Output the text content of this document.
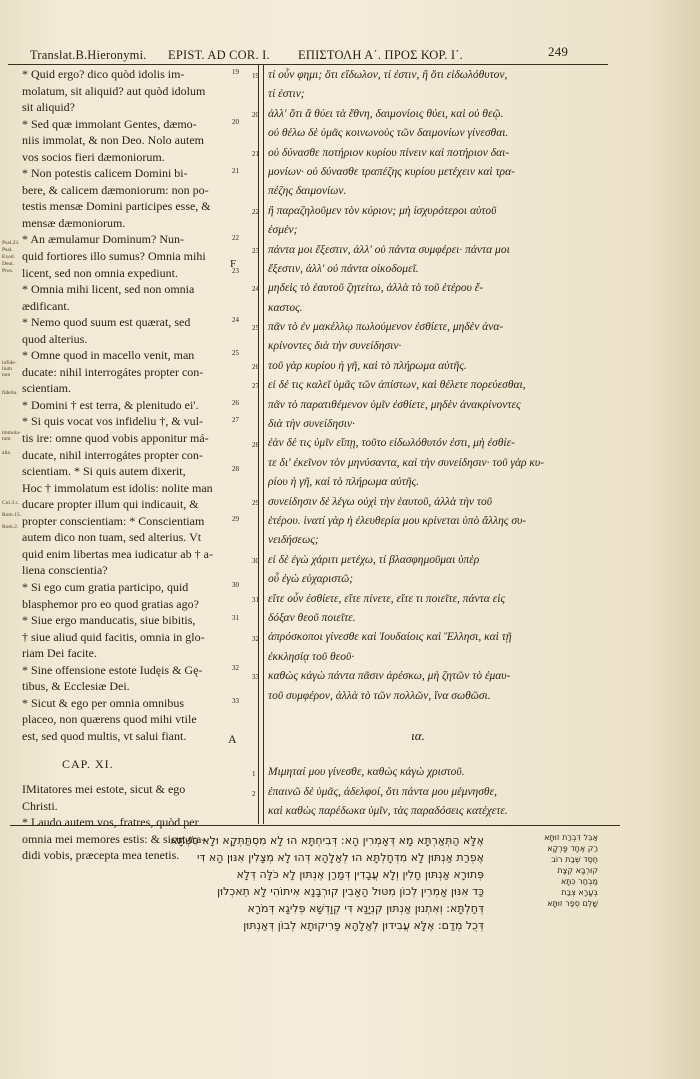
Translat.B.Hieronymi. EPIST. AD COR. I. ΕΠΙΣΤΟΛΗ Α΄. ΠΡΟΣ ΚΟΡ. Ι΄.	249
Psal.23.
Psal.
Exod.
Deut.
Pros.
infide-
lium
non
fideliu.
immola-
tum
alia
Col.3.c.
Rom.15.
Rom.2.
* Quid ergo? dico quòd idolis im-
molatum, sit aliquid? aut quòd idolum
sit aliquid?
* Sed quæ immolant Gentes, dæmo-
niis immolat, & non Deo. Nolo autem
vos socios fieri dæmoniorum.
* Non potestis calicem Domini bi-
bere, & calicem dæmoniorum: non po-
testis mensæ Domini participes esse, &
mensæ dæmoniorum.
* An æmulamur Dominum? Nun-
quid fortiores illo sumus? Omnia mihi
licent, sed non omnia expediunt.
* Omnia mihi licent, sed non omnia
ædificant.
* Nemo quod suum est quærat, sed
quod alterius.
* Omne quod in macello venit, man
ducate: nihil interrogátes propter con-
scientiam.
* Domini † est terra, & plenitudo ei'.
* Si quis vocat vos infideliu †, & vul-
tis ire: omne quod vobis apponitur má-
ducate, nihil interrogátes propter con-
scientiam. * Si quis autem dixerit,
Hoc † immolatum est idolis: nolite man
ducare propter illum qui indicauit, &
propter conscientiam: * Conscientiam
autem dico non tuam, sed alterius. Vt
quid enim libertas mea iudicatur ab † a-
liena conscientia?
* Si ego cum gratia participo, quid
blasphemor pro eo quod gratias ago?
* Siue ergo manducatis, siue bibitis,
† siue aliud quid facitis, omnia in glo-
riam Dei facite.
* Sine offensione estote Iudęis & Gę-
tibus, & Ecclesiæ Dei.
* Sicut & ego per omnia omnibus
placeo, non quærens quod mihi vtile
est, sed quod multis, vt salui fiant.
CAP. XI.
IMitatores mei estote, sicut & ego
Christi.
* Laudo autem vos, fratres, quòd per
omnia mei memores estis: & sicut tra-
didi vobis, præcepta mea tenetis.
F
A
19
20
21
22
23
24
25
26
27
28
29
30
31
32
33
19
20
21
22
23
24
25
26
27
28
29
30
31
32
33
1
2
τί οὖν φημι; ὅτι εἴδωλον, τί ἐστιν, ἢ ὅτι εἰδωλόθυτον,
τί ἐστιν;
ἀλλ' ὅτι ἃ θύει τὰ ἔθνη, δαιμονίοις θύει, καὶ οὐ θεῷ.
οὐ θέλω δὲ ὑμᾶς κοινωνοὺς τῶν δαιμονίων γίνεσθαι.
οὐ δύνασθε ποτήριον κυρίου πίνειν καὶ ποτήριον δαι-
μονίων· οὐ δύνασθε τραπέζης κυρίου μετέχειν καὶ τρα-
πέζης δαιμονίων.
ἢ παραζηλοῦμεν τὸν κύριον; μὴ ἰσχυρότεροι αὐτοῦ
ἐσμέν;
πάντα μοι ἔξεστιν, ἀλλ' οὐ πάντα συμφέρει· πάντα μοι
ἔξεστιν, ἀλλ' οὐ πάντα οἰκοδομεῖ.
μηδεὶς τὸ ἑαυτοῦ ζητείτω, ἀλλὰ τὸ τοῦ ἑτέρου ἕ-
καστος.
πᾶν τὸ ἐν μακέλλῳ πωλούμενον ἐσθίετε, μηδὲν ἀνα-
κρίνοντες διὰ τὴν συνείδησιν·
τοῦ γὰρ κυρίου ἡ γῆ, καὶ τὸ πλήρωμα αὐτῆς.
εἰ δέ τις καλεῖ ὑμᾶς τῶν ἀπίστων, καὶ θέλετε πορεύεσθαι,
πᾶν τὸ παρατιθέμενον ὑμῖν ἐσθίετε, μηδὲν ἀνακρίνοντες
διὰ τὴν συνείδησιν·
ἐὰν δέ τις ὑμῖν εἴπῃ, τοῦτο εἰδωλόθυτόν ἐστι, μὴ ἐσθίε-
τε δι' ἐκεῖνον τὸν μηνύσαντα, καὶ τὴν συνείδησιν· τοῦ γὰρ κυ-
ρίου ἡ γῆ, καὶ τὸ πλήρωμα αὐτῆς.
συνείδησιν δὲ λέγω οὐχὶ τὴν ἑαυτοῦ, ἀλλὰ τὴν τοῦ
ἑτέρου. ἱνατί γὰρ ἡ ἐλευθερία μου κρίνεται ὑπὸ ἄλλης συ-
νειδήσεως;
εἰ δὲ ἐγὼ χάριτι μετέχω, τί βλασφημοῦμαι ὑπὲρ
οὗ ἐγὼ εὐχαριστῶ;
εἴτε οὖν ἐσθίετε, εἴτε πίνετε, εἴτε τι ποιεῖτε, πάντα εἰς
δόξαν θεοῦ ποιεῖτε.
ἀπρόσκοποι γίνεσθε καὶ Ἰουδαίοις καὶ Ἕλλησι, καὶ τῇ
ἐκκλησίᾳ τοῦ θεοῦ·
καθὼς κἀγὼ πάντα πᾶσιν ἀρέσκω, μὴ ζητῶν τὸ ἐμαυ-
τοῦ συμφέρον, ἀλλὰ τὸ τῶν πολλῶν, ἵνα σωθῶσι.
ια.
Μιμηταί μου γίνεσθε, καθὼς κἀγὼ χριστοῦ.
ἐπαινῶ δὲ ὑμᾶς, ἀδελφοί, ὅτι πάντα μου μέμνησθε,
καὶ καθὼς παρέδωκα ὑμῖν, τὰς παραδόσεις κατέχετε.
אֶלָּא הַתְּאַרְתָּא מָא דְּאָמְרִין הָא: דְּבִיחְתָּא הוּ לָא מִסְתַּתְּקָא וּלָא כִּשְׁתָּא
אֶפְרַת אַנְתּוּן לָא מִדְּחָלְתָּא הוּ לְאַלָהָא דְּהוּ לָא מְצָלִין אִנּוּן הָא דִּי
פְּתוּרָא אַנְתּוּן חָלִין וְלָא עֲבָדִין דְּמָרַן אֶנְתּוּן לָא כֹּלָּה דְּלָא
כַּד אִנּוּן אָמְרִין לְכוֹן מִטּוּל הָאָבִין קוּרְבָּנָא אִיתוֹהִי לָא תֵאכְלוּן
דְּחַלְתָּא: וְאִתְנוּן אַנְתּוּן קִנְיָנָא דִּי קְוָדְשָׁא פְּלִיגָא דְּמֹרָא
דְּכֻל מְדַם: אֶלָּא עֲבִידוּן לְאַלָהָא פָּרִיקוּתָא לְבוֹן דְּאַנְתּוּן
אַבֵּל דִּבְרַת זוּתָּא
רַק אֶחָד פָּרְקָא
חֶסֶד שְׁבַת רוֹב
קוּרְבָּא קְצָת
מַבְחַר כִּתָּא
בְּעָרָא צְבַת
שָׁלֵם סְפַר זוּתָּא
